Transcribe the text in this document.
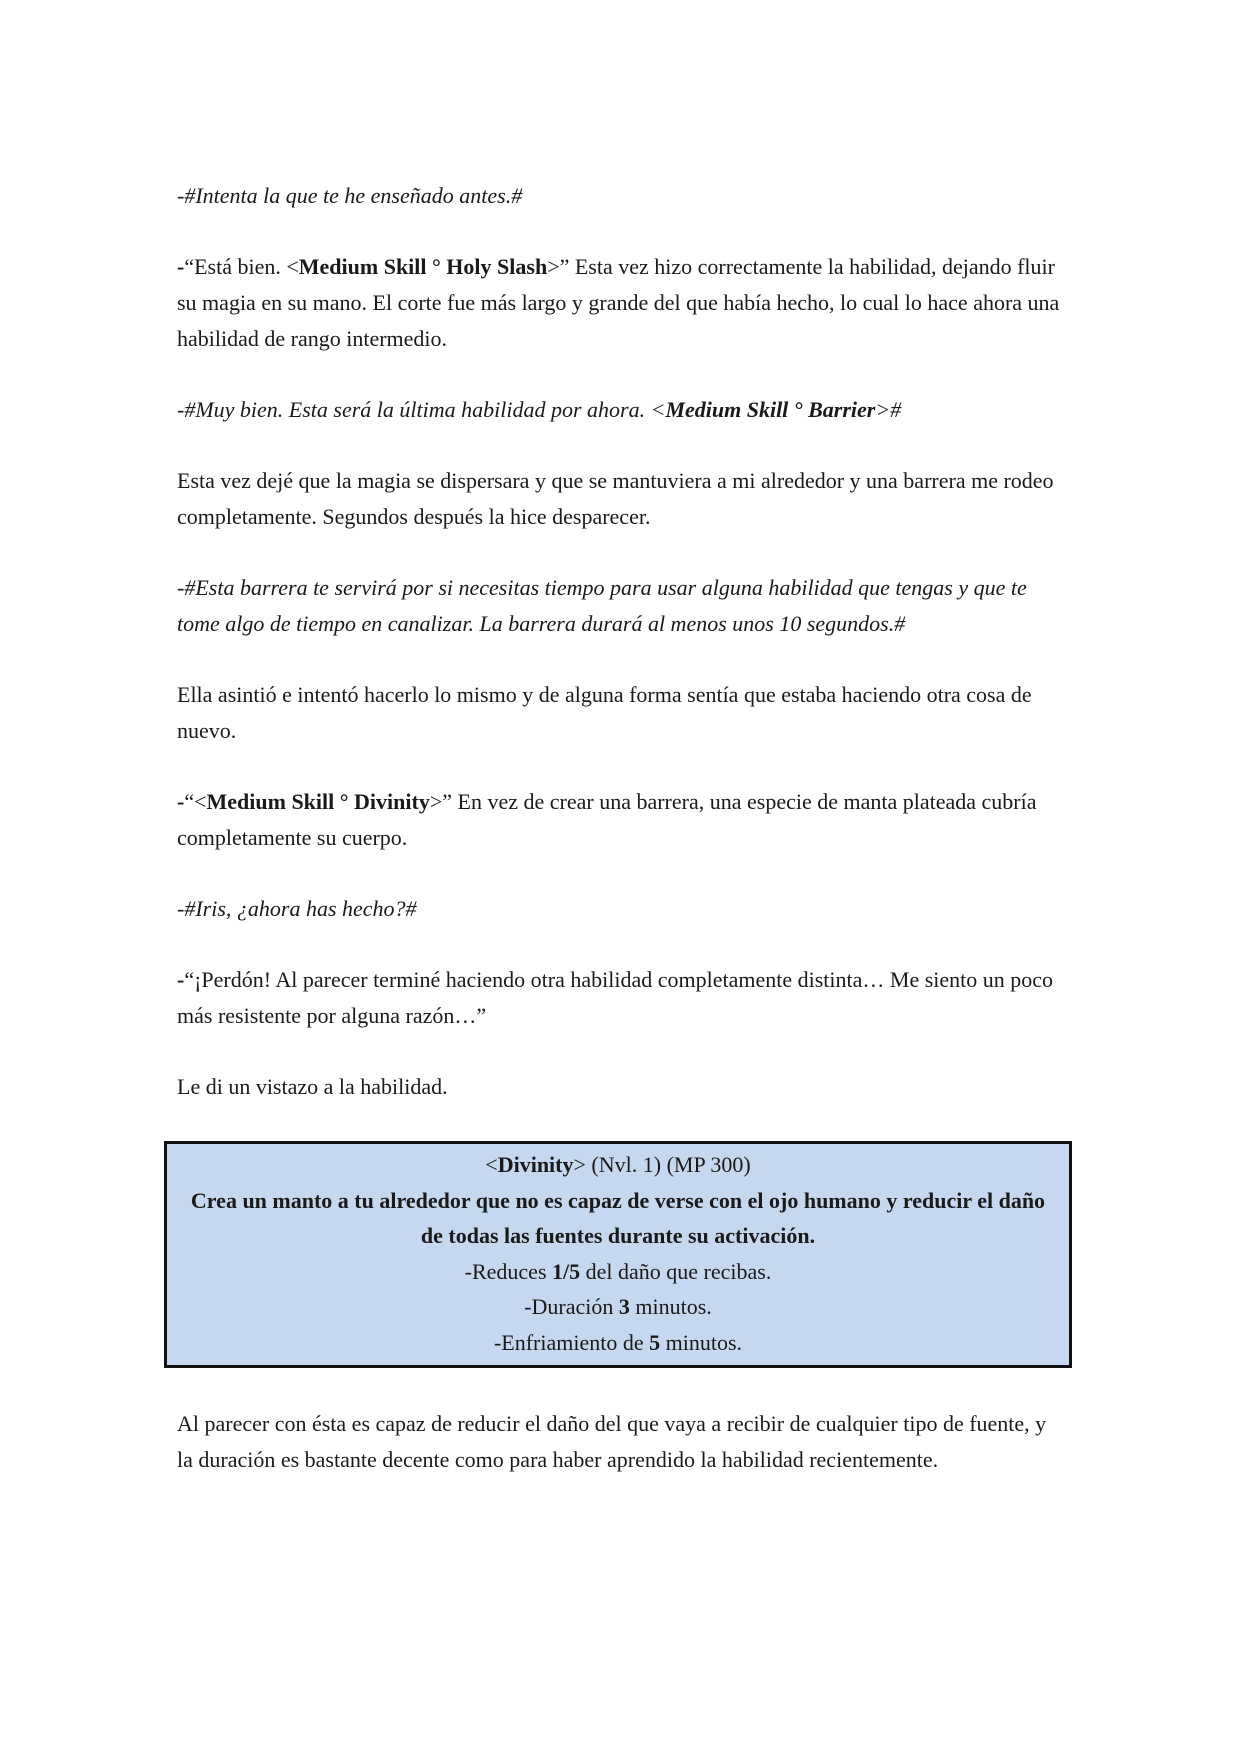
-#Intenta la que te he enseñado antes.#

-“Está bien. <Medium Skill ° Holy Slash>” Esta vez hizo correctamente la habilidad, dejando fluir su magia en su mano. El corte fue más largo y grande del que había hecho, lo cual lo hace ahora una habilidad de rango intermedio.

-#Muy bien. Esta será la última habilidad por ahora. <Medium Skill ° Barrier>#

Esta vez dejé que la magia se dispersara y que se mantuviera a mi alrededor y una barrera me rodeo completamente. Segundos después la hice desparecer.

-#Esta barrera te servirá por si necesitas tiempo para usar alguna habilidad que tengas y que te tome algo de tiempo en canalizar. La barrera durará al menos unos 10 segundos.#

Ella asintió e intentó hacerlo lo mismo y de alguna forma sentía que estaba haciendo otra cosa de nuevo.

-“<Medium Skill ° Divinity>” En vez de crear una barrera, una especie de manta plateada cubría completamente su cuerpo.

-#Iris, ¿ahora has hecho?#

-“¡Perdón! Al parecer terminé haciendo otra habilidad completamente distinta… Me siento un poco más resistente por alguna razón…”

Le di un vistazo a la habilidad.

<Divinity> (Nvl. 1) (MP 300)
Crea un manto a tu alrededor que no es capaz de verse con el ojo humano y reducir el daño de todas las fuentes durante su activación.
-Reduces 1/5 del daño que recibas.
-Duración 3 minutos.
-Enfriamiento de 5 minutos.

Al parecer con ésta es capaz de reducir el daño del que vaya a recibir de cualquier tipo de fuente, y la duración es bastante decente como para haber aprendido la habilidad recientemente.
